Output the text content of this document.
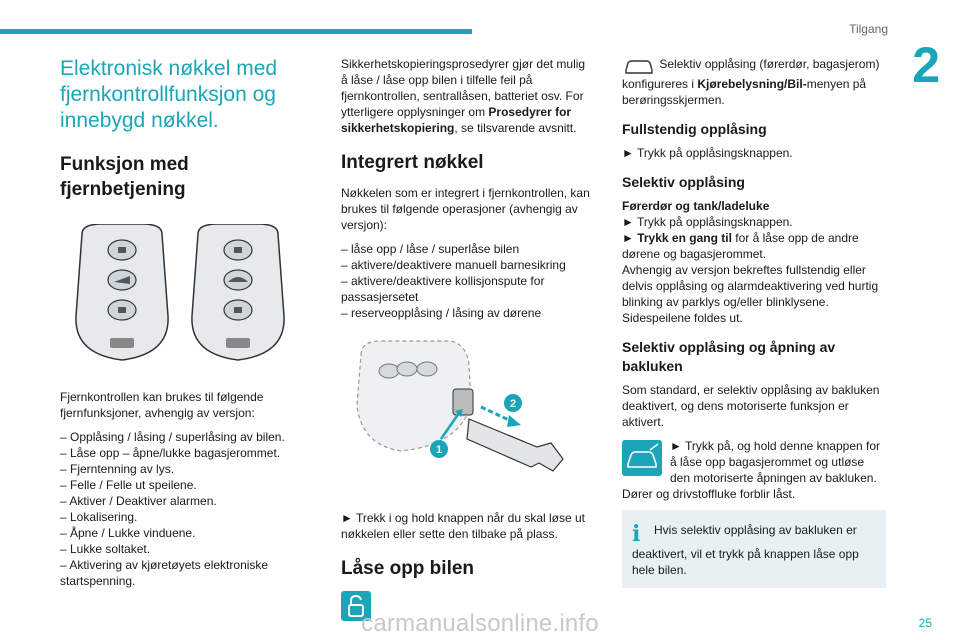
Tilgang
2
25
Elektronisk nøkkel med fjernkontrollfunksjon og innebygd nøkkel.
Funksjon med fjernbetjening

Fjernkontrollen kan brukes til følgende fjernfunksjoner, avhengig av versjon:

– Opplåsing / låsing / superlåsing av bilen.
– Låse opp – åpne/lukke bagasjerommet.
– Fjerntenning av lys.
– Felle / Felle ut speilene.
– Aktiver / Deaktiver alarmen.
– Lokalisering.
– Åpne / Lukke vinduene.
– Lukke soltaket.
– Aktivering av kjøretøyets elektroniske startspenning.

Sikkerhetskopieringsprosedyrer gjør det mulig å låse / låse opp bilen i tilfelle feil på fjernkontrollen, sentrallåsen, batteriet osv. For ytterligere opplysninger om Prosedyrer for sikkerhetskopiering, se tilsvarende avsnitt.

Integrert nøkkel

Nøkkelen som er integrert i fjernkontrollen, kan brukes til følgende operasjoner (avhengig av versjon):

– låse opp / låse / superlåse bilen
– aktivere/deaktivere manuell barnesikring
– aktivere/deaktivere kollisjonspute for passasjersetet
– reserveopplåsing / låsing av dørene
2
1

► Trekk i og hold knappen når du skal løse ut nøkkelen eller sette den tilbake på plass.

Låse opp bilen

Selektiv opplåsing (førerdør, bagasjerom) konfigureres i Kjørebelysning/Bil-menyen på berøringsskjermen.

Fullstendig opplåsing

► Trykk på opplåsingsknappen.

Selektiv opplåsing
Førerdør og tank/ladeluke
► Trykk på opplåsingsknappen.
► Trykk en gang til for å låse opp de andre dørene og bagasjerommet.

Avhengig av versjon bekreftes fullstendig eller delvis opplåsing og alarmdeaktivering ved hurtig blinking av parklys og/eller blinklysene. Sidespeilene foldes ut.

Selektiv opplåsing og åpning av bakluken

Som standard, er selektiv opplåsing av bakluken deaktivert, og dens motoriserte funksjon er aktivert.

► Trykk på, og hold denne knappen for å låse opp bagasjerommet og utløse den motoriserte åpningen av bakluken.

Dører og drivstoffluke forblir låst.

i Hvis selektiv opplåsing av bakluken er deaktivert, vil et trykk på knappen låse opp hele bilen.
carmanualsonline.info
